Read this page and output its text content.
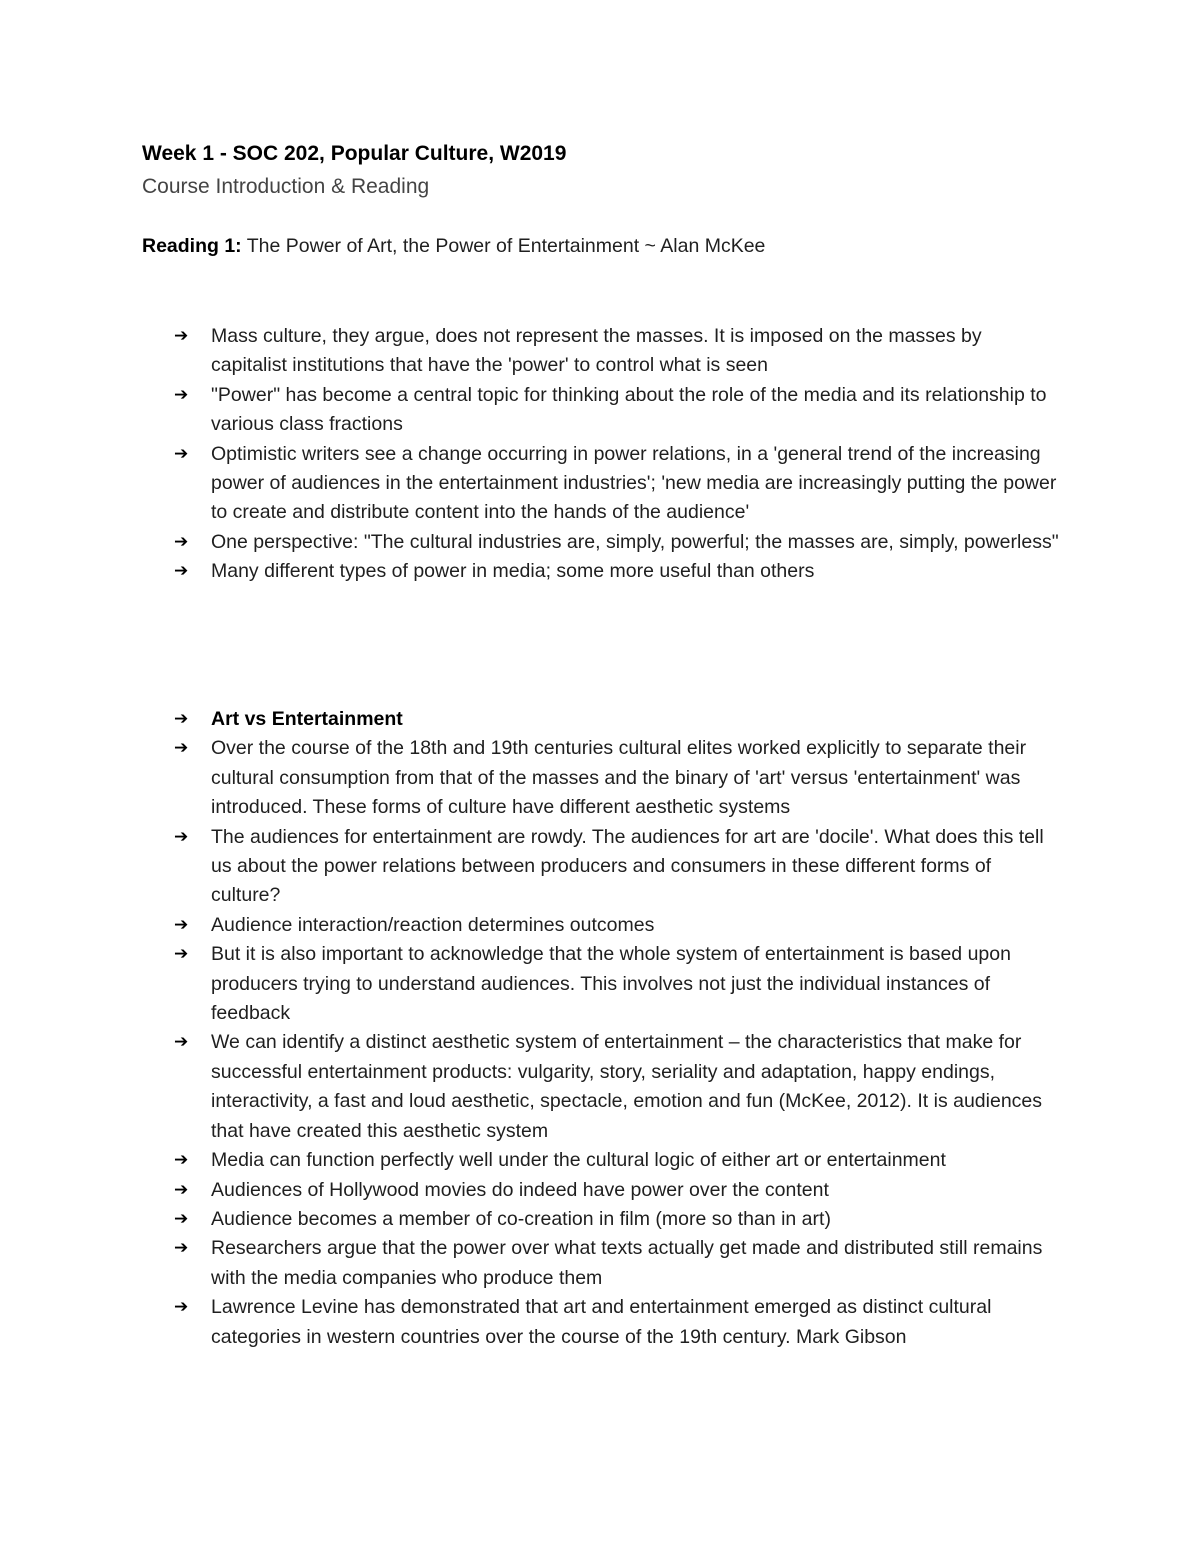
Week 1 - SOC 202, Popular Culture, W2019
Course Introduction & Reading
Reading 1: The Power of Art, the Power of Entertainment ~ Alan McKee
➔ Mass culture, they argue, does not represent the masses. It is imposed on the masses by capitalist institutions that have the 'power' to control what is seen
➔ "Power" has become a central topic for thinking about the role of the media and its relationship to various class fractions
➔ Optimistic writers see a change occurring in power relations, in a 'general trend of the increasing power of audiences in the entertainment industries'; 'new media are increasingly putting the power to create and distribute content into the hands of the audience'
➔ One perspective: "The cultural industries are, simply, powerful; the masses are, simply, powerless"
➔ Many different types of power in media; some more useful than others
➔ Art vs Entertainment
➔ Over the course of the 18th and 19th centuries cultural elites worked explicitly to separate their cultural consumption from that of the masses and the binary of 'art' versus 'entertainment' was introduced. These forms of culture have different aesthetic systems
➔ The audiences for entertainment are rowdy. The audiences for art are 'docile'. What does this tell us about the power relations between producers and consumers in these different forms of culture?
➔ Audience interaction/reaction determines outcomes
➔ But it is also important to acknowledge that the whole system of entertainment is based upon producers trying to understand audiences. This involves not just the individual instances of feedback
➔ We can identify a distinct aesthetic system of entertainment – the characteristics that make for successful entertainment products: vulgarity, story, seriality and adaptation, happy endings, interactivity, a fast and loud aesthetic, spectacle, emotion and fun (McKee, 2012). It is audiences that have created this aesthetic system
➔ Media can function perfectly well under the cultural logic of either art or entertainment
➔ Audiences of Hollywood movies do indeed have power over the content
➔ Audience becomes a member of co-creation in film (more so than in art)
➔ Researchers argue that the power over what texts actually get made and distributed still remains with the media companies who produce them
➔ Lawrence Levine has demonstrated that art and entertainment emerged as distinct cultural categories in western countries over the course of the 19th century. Mark Gibson
